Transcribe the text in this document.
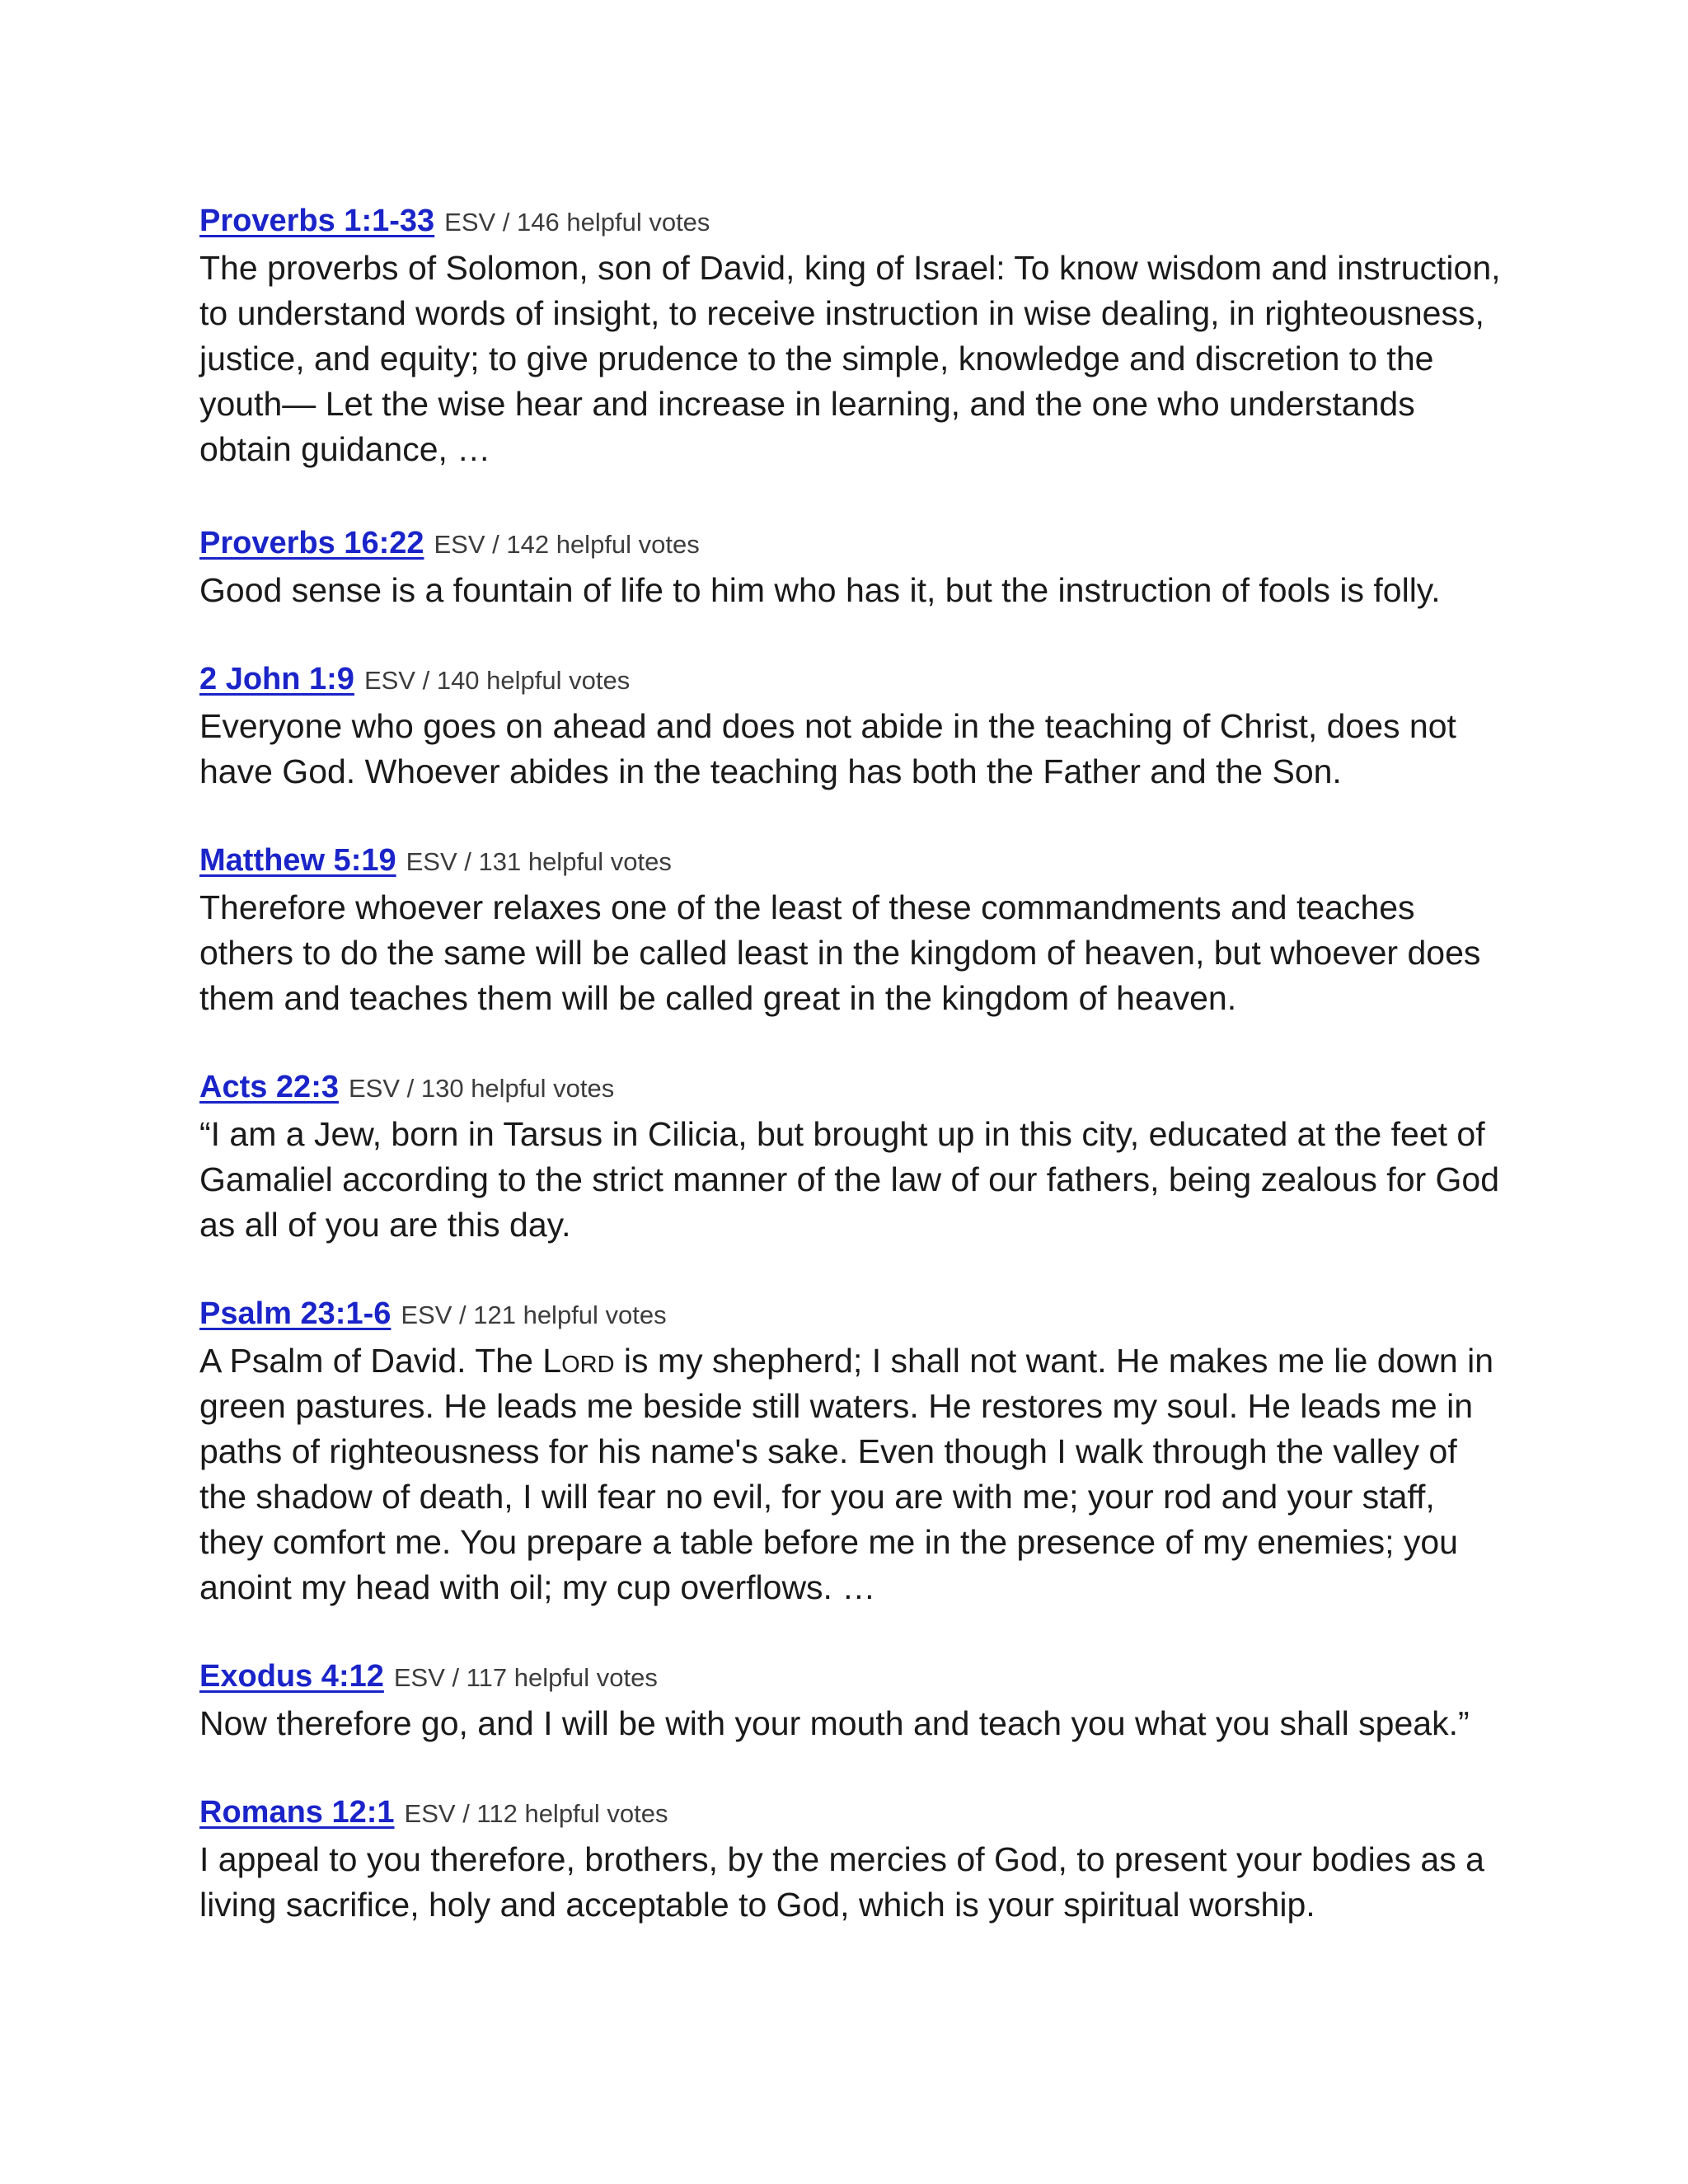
Proverbs 1:1-33 ESV / 146 helpful votes

The proverbs of Solomon, son of David, king of Israel: To know wisdom and instruction, to understand words of insight, to receive instruction in wise dealing, in righteousness, justice, and equity; to give prudence to the simple, knowledge and discretion to the youth— Let the wise hear and increase in learning, and the one who understands obtain guidance, …

Proverbs 16:22 ESV / 142 helpful votes

Good sense is a fountain of life to him who has it, but the instruction of fools is folly.

2 John 1:9 ESV / 140 helpful votes

Everyone who goes on ahead and does not abide in the teaching of Christ, does not have God. Whoever abides in the teaching has both the Father and the Son.

Matthew 5:19 ESV / 131 helpful votes

Therefore whoever relaxes one of the least of these commandments and teaches others to do the same will be called least in the kingdom of heaven, but whoever does them and teaches them will be called great in the kingdom of heaven.

Acts 22:3 ESV / 130 helpful votes

“I am a Jew, born in Tarsus in Cilicia, but brought up in this city, educated at the feet of Gamaliel according to the strict manner of the law of our fathers, being zealous for God as all of you are this day.

Psalm 23:1-6 ESV / 121 helpful votes

A Psalm of David. The Lord is my shepherd; I shall not want. He makes me lie down in green pastures. He leads me beside still waters. He restores my soul. He leads me in paths of righteousness for his name's sake. Even though I walk through the valley of the shadow of death, I will fear no evil, for you are with me; your rod and your staff, they comfort me. You prepare a table before me in the presence of my enemies; you anoint my head with oil; my cup overflows. …

Exodus 4:12 ESV / 117 helpful votes

Now therefore go, and I will be with your mouth and teach you what you shall speak.”

Romans 12:1 ESV / 112 helpful votes

I appeal to you therefore, brothers, by the mercies of God, to present your bodies as a living sacrifice, holy and acceptable to God, which is your spiritual worship.
